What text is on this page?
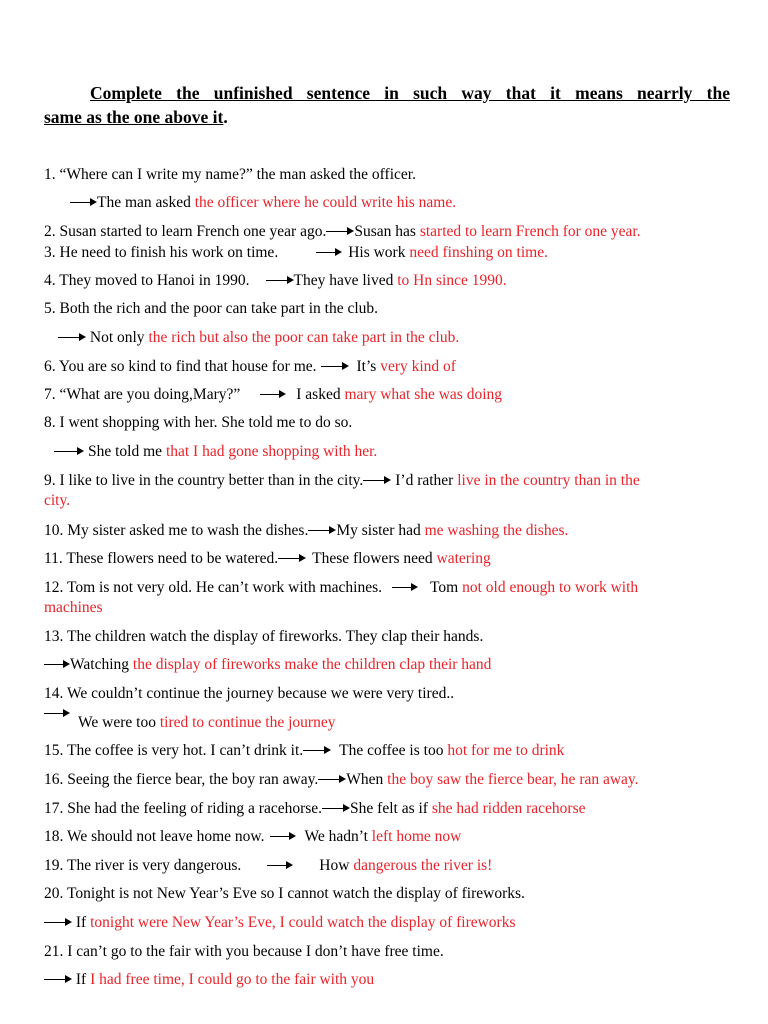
Complete the unfinished sentence in such way that it means nearrly the
same as the one above it.
1. “Where can I write my name?” the man asked the officer.
The man asked the officer where he could write his name.
2. Susan started to learn French one year ago. Susan has started to learn French for one year.
3. He need to finish his work on time.	His work need finshing on time.
4. They moved to Hanoi in 1990.	They have lived to Hn since 1990.
5. Both the rich and the poor can take part in the club.
Not only the rich but also the poor can take part in the club.
6. You are so kind to find that house for me.	It’s very kind of
7. “What are you doing,Mary?”	I asked mary what she was doing
8. I went shopping with her. She told me to do so.
She told me that I had gone shopping with her.
9. I like to live in the country better than in the city. I’d rather live in the country than in the
city.
10. My sister asked me to wash the dishes. My sister had me washing the dishes.
11. These flowers need to be watered. These flowers need watering
12. Tom is not very old. He can’t work with machines.	Tom not old enough to work with
machines
13. The children watch the display of fireworks. They clap their hands.
Watching the display of fireworks make the children clap their hand
14. We couldn’t continue the journey because we were very tired..
We were too tired to continue the journey
15. The coffee is very hot. I can’t drink it. The coffee is too hot for me to drink
16. Seeing the fierce bear, the boy ran away. When the boy saw the fierce bear, he ran away.
17. She had the feeling of riding a racehorse. She felt as if she had ridden racehorse
18. We should not leave home now.	We hadn’t left home now
19. The river is very dangerous.	How dangerous the river is!
20. Tonight is not New Year’s Eve so I cannot watch the display of fireworks.
If tonight were New Year’s Eve, I could watch the display of fireworks
21. I can’t go to the fair with you because I don’t have free time.
If I had free time, I could go to the fair with you
